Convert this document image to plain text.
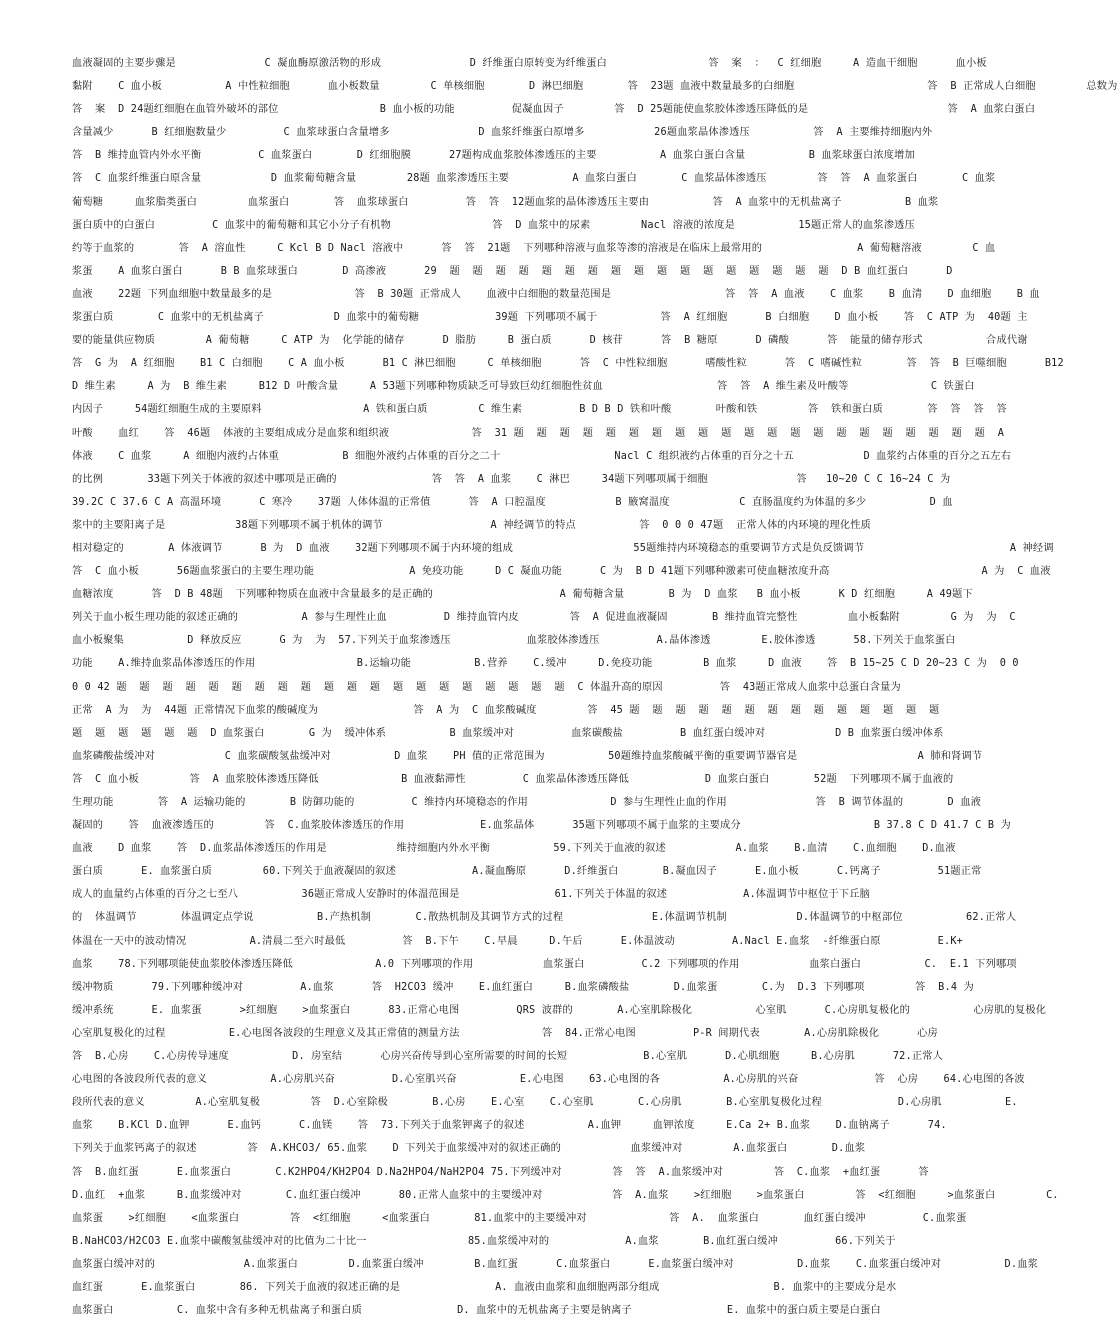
血液凝固的主要步骤是              C 凝血酶原激活物的形成              D 纤维蛋白原转变为纤维蛋白                答  案  ：  C 红细胞     A 造血干细胞      血小板
黏附    C 血小板          A 中性粒细胞      血小板数量        C 单核细胞       D 淋巴细胞       答  23题 血液中数量最多的白细胞                     答  B 正常成人白细胞        总数为
答  案  D 24题红细胞在血管外破坏的部位                B 血小板的功能         促凝血因子        答  D 25题能使血浆胶体渗透压降低的是                      答  A 血浆白蛋白
含量减少      B 红细胞数量少         C 血浆球蛋白含量增多              D 血浆纤维蛋白原增多           26题血浆晶体渗透压          答  A 主要维持细胞内外
答  B 维持血管内外水平衡         C 血浆蛋白       D 红细胞膜      27题构成血浆胶体渗透压的主要          A 血浆白蛋白含量          B 血浆球蛋白浓度增加
答  C 血浆纤维蛋白原含量           D 血浆葡萄糖含量        28题 血浆渗透压主要          A 血浆白蛋白       C 血浆晶体渗透压        答  答  A 血浆蛋白       C 血浆
葡萄糖     血浆脂类蛋白        血浆蛋白       答  血浆球蛋白         答  答  12题血浆的晶体渗透压主要由          答  A 血浆中的无机盐离子          B 血浆
蛋白质中的白蛋白         C 血浆中的葡萄糖和其它小分子有机物                答  D 血浆中的尿素        Nacl 溶液的浓度是          15题正常人的血浆渗透压
约等于血浆的       答  A 溶血性     C Kcl B D Nacl 溶液中      答  答  21题  下列哪种溶液与血浆等渗的溶液是在临床上最常用的               A 葡萄糖溶液        C 血
浆蛋    A 血浆白蛋白      B B 血浆球蛋白       D 高渗液      29  题  题  题  题  题  题  题  题  题  题  题  题  题  题  题  题  题  D B 血红蛋白      D
血液    22题 下列血细胞中数量最多的是             答  B 30题 正常成人    血液中白细胞的数量范围是                  答  答  A 血液    C 血浆    B 血清    D 血细胞    B 血
浆蛋白质       C 血浆中的无机盐离子           D 血浆中的葡萄糖            39题 下列哪项不属于          答  A 红细胞      B 白细胞    D 血小板    答  C ATP 为  40题 主
要的能量供应物质        A 葡萄糖     C ATP 为  化学能的储存      D 脂肪     B 蛋白质      D 核苷      答  B 糖原      D 磷酸      答  能量的储存形式          合成代谢
答  G 为  A 红细胞    B1 C 白细胞    C A 血小板      B1 C 淋巴细胞     C 单核细胞      答  C 中性粒细胞      嗜酸性粒      答  C 嗜碱性粒       答  答  B 巨噬细胞      B12
D 维生素     A 为  B 维生素     B12 D 叶酸含量     A 53题下列哪种物质缺乏可导致巨幼红细胞性贫血                  答  答  A 维生素及叶酸等             C 铁蛋白
内因子     54题红细胞生成的主要原料                A 铁和蛋白质        C 维生素         B D B D 铁和叶酸       叶酸和铁        答  铁和蛋白质       答  答  答  答
叶酸    血红    答  46题  体液的主要组成成分是血浆和组织液             答  31 题  题  题  题  题  题  题  题  题  题  题  题  题  题  题  题  题  题  题  题  题  A
体液    C 血浆     A 细胞内液约占体重          B 细胞外液约占体重的百分之二十                  Nacl C 组织液约占体重的百分之十五           D 血浆约占体重的百分之五左右
的比例       33题下列关于体液的叙述中哪项是正确的               答  答  A 血浆    C 淋巴     34题下列哪项属于细胞              答   10~20 C C 16~24 C 为
39.2C C 37.6 C A 高温环境      C 寒冷    37题 人体体温的正常值      答  A 口腔温度           B 腋窝温度           C 直肠温度约为体温的多少          D 血
浆中的主要阳离子是           38题下列哪项不属于机体的调节                 A 神经调节的特点          答  0 0 0 47题  正常人体的内环境的理化性质
相对稳定的       A 体液调节      B 为  D 血液    32题下列哪项不属于内环境的组成                   55题维持内环境稳态的重要调节方式是负反馈调节                       A 神经调
答  C 血小板      56题血浆蛋白的主要生理功能               A 免疫功能     D C 凝血功能      C 为  B D 41题下列哪种激素可使血糖浓度升高                        A 为  C 血液
血糖浓度      答  D B 48题  下列哪种物质在血液中含量最多的是正确的                    A 葡萄糖含量       B 为  D 血浆   B 血小板      K D 红细胞     A 49题下
列关于血小板生理功能的叙述正确的          A 参与生理性止血         D 维持血管内皮        答  A 促进血液凝固       B 维持血管完整性        血小板黏附        G 为  为  C
血小板聚集          D 释放反应      G 为  为  57.下列关于血浆渗透压            血浆胶体渗透压         A.晶体渗透        E.胶体渗透      58.下列关于血浆蛋白
功能    A.维持血浆晶体渗透压的作用                B.运输功能          B.营养    C.缓冲     D.免疫功能        B 血浆     D 血液    答  B 15~25 C D 20~23 C 为  0 0
0 0 42 题  题  题  题  题  题  题  题  题  题  题  题  题  题  题  题  题  题  题  题  C 体温升高的原因         答  43题正常成人血浆中总蛋白含量为
正常  A 为  为  44题 正常情况下血浆的酸碱度为               答  A 为  C 血浆酸碱度        答  45 题  题  题  题  题  题  题  题  题  题  题  题  题  题
题  题  题  题  题  题  D 血浆蛋白       G 为  缓冲体系          B 血浆缓冲对         血浆碳酸盐         B 血红蛋白缓冲对           D B 血浆蛋白缓冲体系
血浆磷酸盐缓冲对           C 血浆碳酸氢盐缓冲对          D 血浆    PH 值的正常范围为          50题维持血浆酸碱平衡的重要调节器官是                   A 肺和肾调节
答  C 血小板        答  A 血浆胶体渗透压降低             B 血液黏滞性         C 血浆晶体渗透压降低            D 血浆白蛋白       52题  下列哪项不属于血液的
生理功能       答  A 运输功能的       B 防御功能的         C 维持内环境稳态的作用             D 参与生理性止血的作用              答  B 调节体温的       D 血液
凝固的    答  血液渗透压的        答  C.血浆胶体渗透压的作用            E.血浆晶体      35题下列哪项不属于血浆的主要成分                     B 37.8 C D 41.7 C B 为
血液    D 血浆    答  D.血浆晶体渗透压的作用是           维持细胞内外水平衡          59.下列关于血液的叙述           A.血浆    B.血清    C.血细胞    D.血液
蛋白质      E. 血浆蛋白质        60.下列关于血液凝固的叙述            A.凝血酶原      D.纤维蛋白       B.凝血因子      E.血小板      C.钙离子         51题正常
成人的血量约占体重的百分之七至八          36题正常成人安静时的体温范围是               61.下列关于体温的叙述            A.体温调节中枢位于下丘脑
的  体温调节       体温调定点学说          B.产热机制       C.散热机制及其调节方式的过程              E.体温调节机制           D.体温调节的中枢部位          62.正常人
体温在一天中的波动情况          A.清晨二至六时最低         答  B.下午    C.早晨     D.午后      E.体温波动         A.Nacl E.血浆  -纤维蛋白原         E.K+
血浆    78.下列哪项能使血浆胶体渗透压降低             A.0 下列哪项的作用           血浆蛋白         C.2 下列哪项的作用           血浆白蛋白          C.  E.1 下列哪项
缓冲物质      79.下列哪种缓冲对         A.血浆      答  H2CO3 缓冲    E.血红蛋白     B.血浆磷酸盐       D.血浆蛋       C.为  D.3 下列哪项        答  B.4 为
缓冲系统      E. 血浆蛋      >红细胞    >血浆蛋白      83.正常心电图         QRS 波群的       A.心室肌除极化          心室肌      C.心房肌复极化的          心房肌的复极化
心室肌复极化的过程          E.心电图各波段的生理意义及其正常值的测量方法             答  84.正常心电图         P-R 间期代表       A.心房肌除极化      心房
答  B.心房    C.心房传导速度          D. 房室结      心房兴奋传导到心室所需要的时间的长短            B.心室肌      D.心肌细胞     B.心房肌      72.正常人
心电图的各波段所代表的意义          A.心房肌兴奋         D.心室肌兴奋          E.心电图    63.心电图的各          A.心房肌的兴奋            答  心房    64.心电图的各波
段所代表的意义        A.心室肌复极        答  D.心室除极       B.心房    E.心室    C.心室肌       C.心房肌       B.心室肌复极化过程            D.心房肌          E.
血浆    B.KCl D.血钾      E.血钙      C.血镁    答  73.下列关于血浆钾离子的叙述          A.血钾     血钾浓度     E.Ca 2+ B.血浆    D.血钠离子      74.
下列关于血浆钙离子的叙述        答  A.KHCO3/ 65.血浆    D 下列关于血浆缓冲对的叙述正确的           血浆缓冲对        A.血浆蛋白       D.血浆
答  B.血红蛋      E.血浆蛋白       C.K2HPO4/KH2PO4 D.Na2HPO4/NaH2PO4 75.下列缓冲对        答  答  A.血浆缓冲对        答  C.血浆  +血红蛋      答
D.血红  +血浆     B.血浆缓冲对       C.血红蛋白缓冲      80.正常人血浆中的主要缓冲对           答  A.血浆    >红细胞    >血浆蛋白        答  <红细胞     >血浆蛋白        C.
血浆蛋    >红细胞    <血浆蛋白        答  <红细胞     <血浆蛋白       81.血浆中的主要缓冲对             答  A.  血浆蛋白       血红蛋白缓冲         C.血浆蛋
B.NaHCO3/H2CO3 E.血浆中碳酸氢盐缓冲对的比值为二十比一                85.血浆缓冲对的            A.血浆       B.血红蛋白缓冲         66.下列关于
血浆蛋白缓冲对的              A.血浆蛋白        D.血浆蛋白缓冲        B.血红蛋      C.血浆蛋白      E.血浆蛋白缓冲对          D.血浆    C.血浆蛋白缓冲对          D.血浆
血红蛋      E.血浆蛋白       86. 下列关于血液的叙述正确的是               A. 血液由血浆和血细胞两部分组成                  B. 血浆中的主要成分是水
血浆蛋白          C. 血浆中含有多种无机盐离子和蛋白质               D. 血浆中的无机盐离子主要是钠离子               E. 血浆中的蛋白质主要是白蛋白
